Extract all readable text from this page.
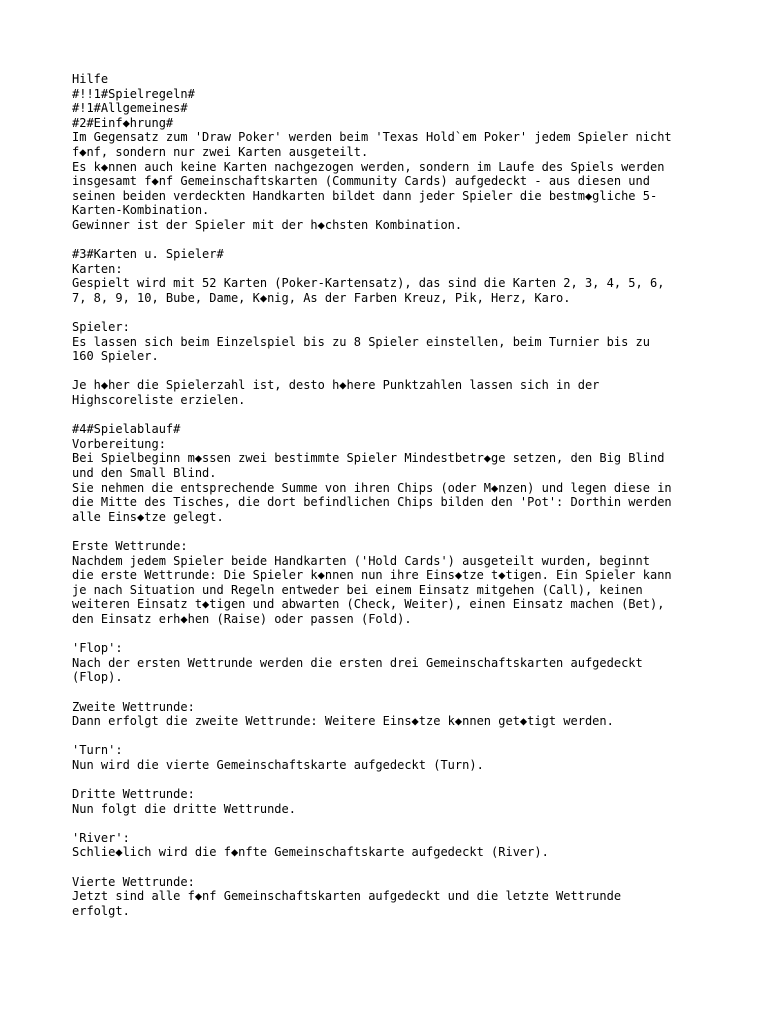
Hilfe
#!!1#Spielregeln#
#!1#Allgemeines#
#2#Einf◆hrung#
Im Gegensatz zum 'Draw Poker' werden beim 'Texas Hold`em Poker' jedem Spieler nicht
f◆nf, sondern nur zwei Karten ausgeteilt.
Es k◆nnen auch keine Karten nachgezogen werden, sondern im Laufe des Spiels werden
insgesamt f◆nf Gemeinschaftskarten (Community Cards) aufgedeckt - aus diesen und
seinen beiden verdeckten Handkarten bildet dann jeder Spieler die bestm◆gliche 5-
Karten-Kombination.
Gewinner ist der Spieler mit der h◆chsten Kombination.
#3#Karten u. Spieler#
Karten:
Gespielt wird mit 52 Karten (Poker-Kartensatz), das sind die Karten 2, 3, 4, 5, 6,
7, 8, 9, 10, Bube, Dame, K◆nig, As der Farben Kreuz, Pik, Herz, Karo.
Spieler:
Es lassen sich beim Einzelspiel bis zu 8 Spieler einstellen, beim Turnier bis zu
160 Spieler.
Je h◆her die Spielerzahl ist, desto h◆here Punktzahlen lassen sich in der
Highscoreliste erzielen.
#4#Spielablauf#
Vorbereitung:
Bei Spielbeginn m◆ssen zwei bestimmte Spieler Mindestbetr◆ge setzen, den Big Blind
und den Small Blind.
Sie nehmen die entsprechende Summe von ihren Chips (oder M◆nzen) und legen diese in
die Mitte des Tisches, die dort befindlichen Chips bilden den 'Pot': Dorthin werden
alle Eins◆tze gelegt.
Erste Wettrunde:
Nachdem jedem Spieler beide Handkarten ('Hold Cards') ausgeteilt wurden, beginnt
die erste Wettrunde: Die Spieler k◆nnen nun ihre Eins◆tze t◆tigen. Ein Spieler kann
je nach Situation und Regeln entweder bei einem Einsatz mitgehen (Call), keinen
weiteren Einsatz t◆tigen und abwarten (Check, Weiter), einen Einsatz machen (Bet),
den Einsatz erh◆hen (Raise) oder passen (Fold).
'Flop':
Nach der ersten Wettrunde werden die ersten drei Gemeinschaftskarten aufgedeckt
(Flop).
Zweite Wettrunde:
Dann erfolgt die zweite Wettrunde: Weitere Eins◆tze k◆nnen get◆tigt werden.
'Turn':
Nun wird die vierte Gemeinschaftskarte aufgedeckt (Turn).
Dritte Wettrunde:
Nun folgt die dritte Wettrunde.
'River':
Schlie◆lich wird die f◆nfte Gemeinschaftskarte aufgedeckt (River).
Vierte Wettrunde:
Jetzt sind alle f◆nf Gemeinschaftskarten aufgedeckt und die letzte Wettrunde
erfolgt.
